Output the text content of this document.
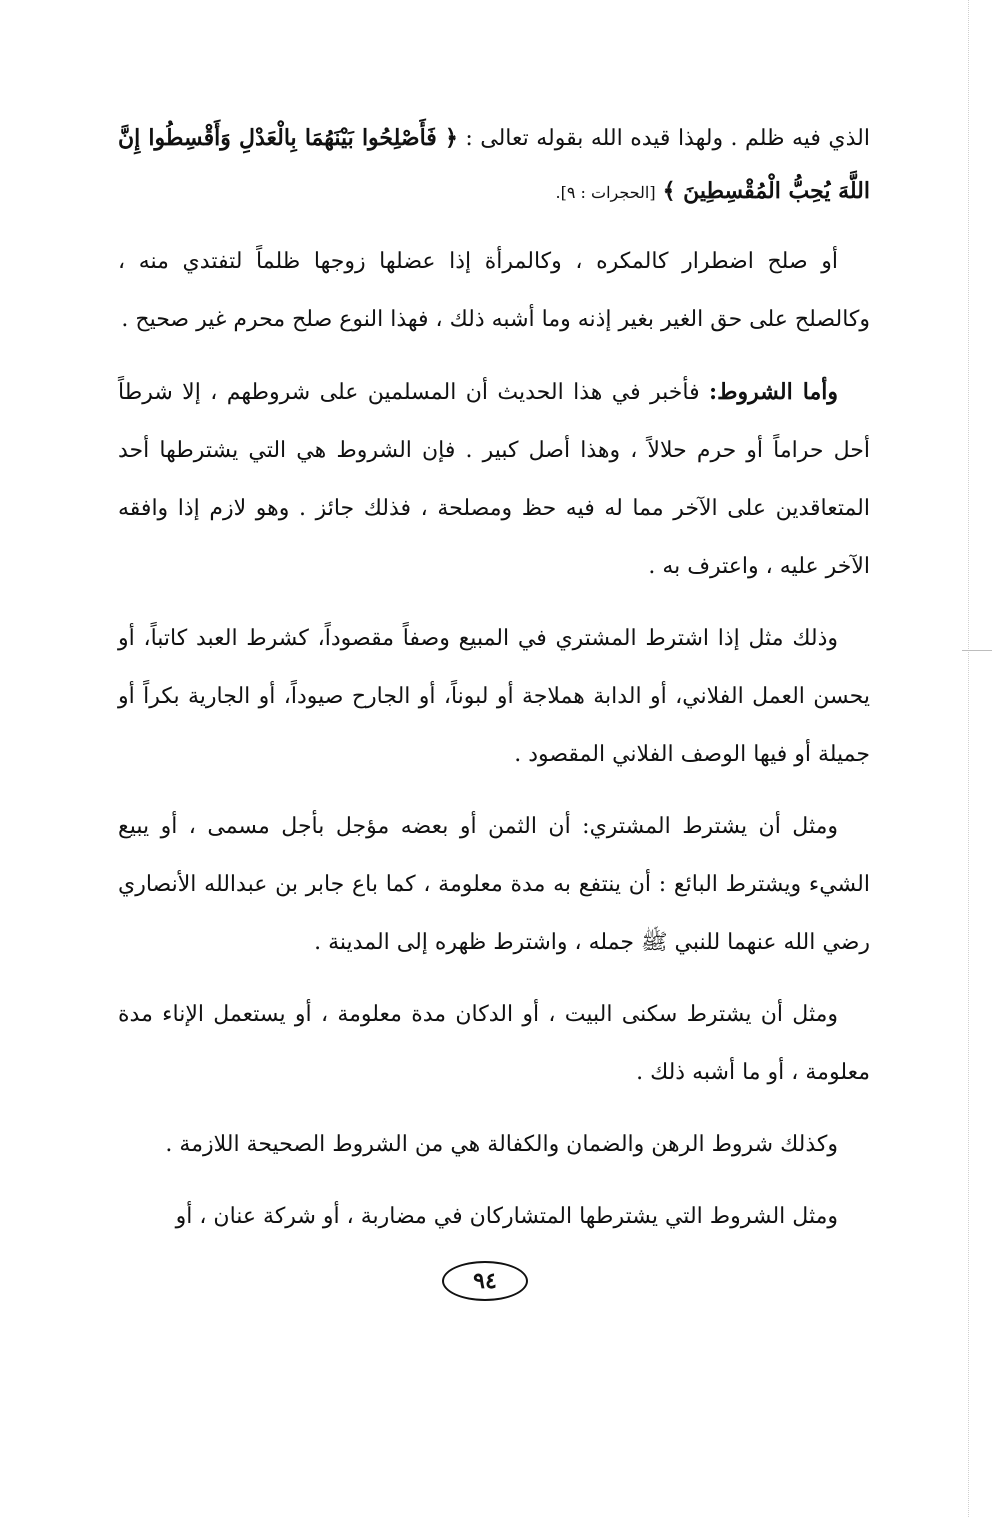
الذي فيه ظلم . ولهذا قيده الله بقوله تعالى : ﴿ فَأَصْلِحُوا بَيْنَهُمَا بِالْعَدْلِ وَأَقْسِطُوا إِنَّ اللَّهَ يُحِبُّ الْمُقْسِطِينَ ﴾ [الحجرات : ٩].

أو صلح اضطرار كالمكره ، وكالمرأة إذا عضلها زوجها ظلماً لتفتدي منه ، وكالصلح على حق الغير بغير إذنه وما أشبه ذلك ، فهذا النوع صلح محرم غير صحيح .

وأما الشروط: فأخبر في هذا الحديث أن المسلمين على شروطهم ، إلا شرطاً أحل حراماً أو حرم حلالاً ، وهذا أصل كبير . فإن الشروط هي التي يشترطها أحد المتعاقدين على الآخر مما له فيه حظ ومصلحة ، فذلك جائز . وهو لازم إذا وافقه الآخر عليه ، واعترف به .

وذلك مثل إذا اشترط المشتري في المبيع وصفاً مقصوداً، كشرط العبد كاتباً، أو يحسن العمل الفلاني، أو الدابة هملاجة أو لبوناً، أو الجارح صيوداً، أو الجارية بكراً أو جميلة أو فيها الوصف الفلاني المقصود .

ومثل أن يشترط المشتري: أن الثمن أو بعضه مؤجل بأجل مسمى ، أو يبيع الشيء ويشترط البائع : أن ينتفع به مدة معلومة ، كما باع جابر بن عبدالله الأنصاري رضي الله عنهما للنبي ﷺ جمله ، واشترط ظهره إلى المدينة .

ومثل أن يشترط سكنى البيت ، أو الدكان مدة معلومة ، أو يستعمل الإناء مدة معلومة ، أو ما أشبه ذلك .

وكذلك شروط الرهن والضمان والكفالة هي من الشروط الصحيحة اللازمة .

ومثل الشروط التي يشترطها المتشاركان في مضاربة ، أو شركة عنان ، أو

٩٤
